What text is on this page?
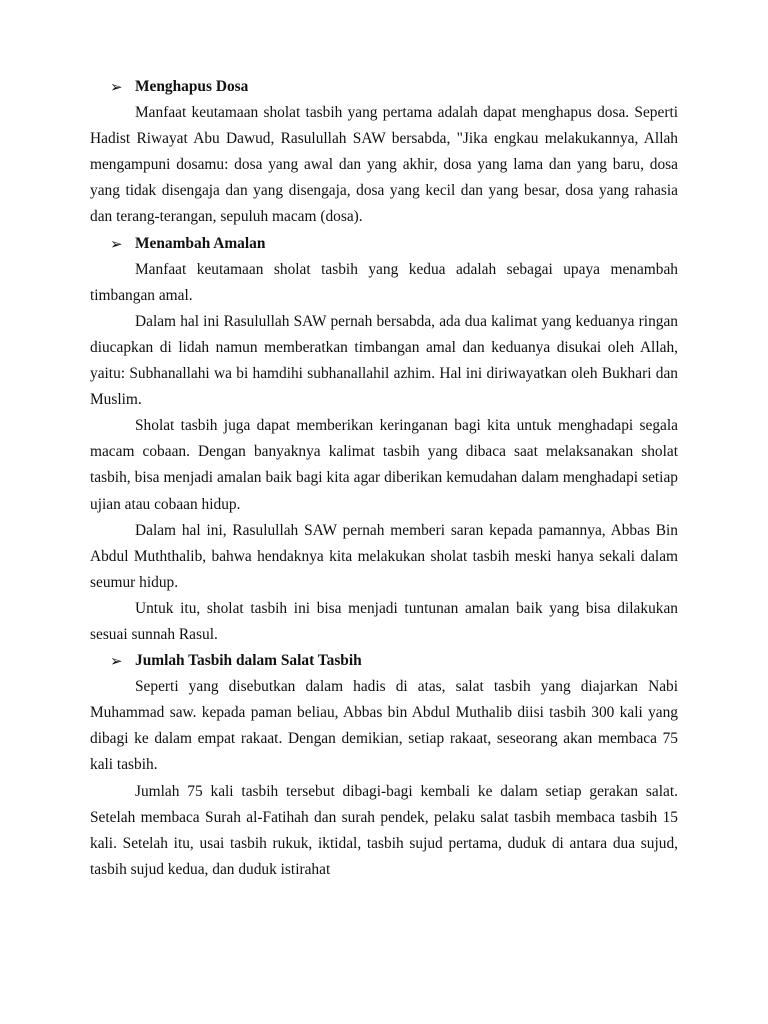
➢ Menghapus Dosa

Manfaat keutamaan sholat tasbih yang pertama adalah dapat menghapus dosa. Seperti Hadist Riwayat Abu Dawud, Rasulullah SAW bersabda, "Jika engkau melakukannya, Allah mengampuni dosamu: dosa yang awal dan yang akhir, dosa yang lama dan yang baru, dosa yang tidak disengaja dan yang disengaja, dosa yang kecil dan yang besar, dosa yang rahasia dan terang-terangan, sepuluh macam (dosa).

➢ Menambah Amalan

Manfaat keutamaan sholat tasbih yang kedua adalah sebagai upaya menambah timbangan amal.

Dalam hal ini Rasulullah SAW pernah bersabda, ada dua kalimat yang keduanya ringan diucapkan di lidah namun memberatkan timbangan amal dan keduanya disukai oleh Allah, yaitu: Subhanallahi wa bi hamdihi subhanallahil azhim. Hal ini diriwayatkan oleh Bukhari dan Muslim.

Sholat tasbih juga dapat memberikan keringanan bagi kita untuk menghadapi segala macam cobaan. Dengan banyaknya kalimat tasbih yang dibaca saat melaksanakan sholat tasbih, bisa menjadi amalan baik bagi kita agar diberikan kemudahan dalam menghadapi setiap ujian atau cobaan hidup.

Dalam hal ini, Rasulullah SAW pernah memberi saran kepada pamannya, Abbas Bin Abdul Muththalib, bahwa hendaknya kita melakukan sholat tasbih meski hanya sekali dalam seumur hidup.

Untuk itu, sholat tasbih ini bisa menjadi tuntunan amalan baik yang bisa dilakukan sesuai sunnah Rasul.

➢ Jumlah Tasbih dalam Salat Tasbih

Seperti yang disebutkan dalam hadis di atas, salat tasbih yang diajarkan Nabi Muhammad saw. kepada paman beliau, Abbas bin Abdul Muthalib diisi tasbih 300 kali yang dibagi ke dalam empat rakaat. Dengan demikian, setiap rakaat, seseorang akan membaca 75 kali tasbih.

Jumlah 75 kali tasbih tersebut dibagi-bagi kembali ke dalam setiap gerakan salat. Setelah membaca Surah al-Fatihah dan surah pendek, pelaku salat tasbih membaca tasbih 15 kali. Setelah itu, usai tasbih rukuk, iktidal, tasbih sujud pertama, duduk di antara dua sujud, tasbih sujud kedua, dan duduk istirahat
